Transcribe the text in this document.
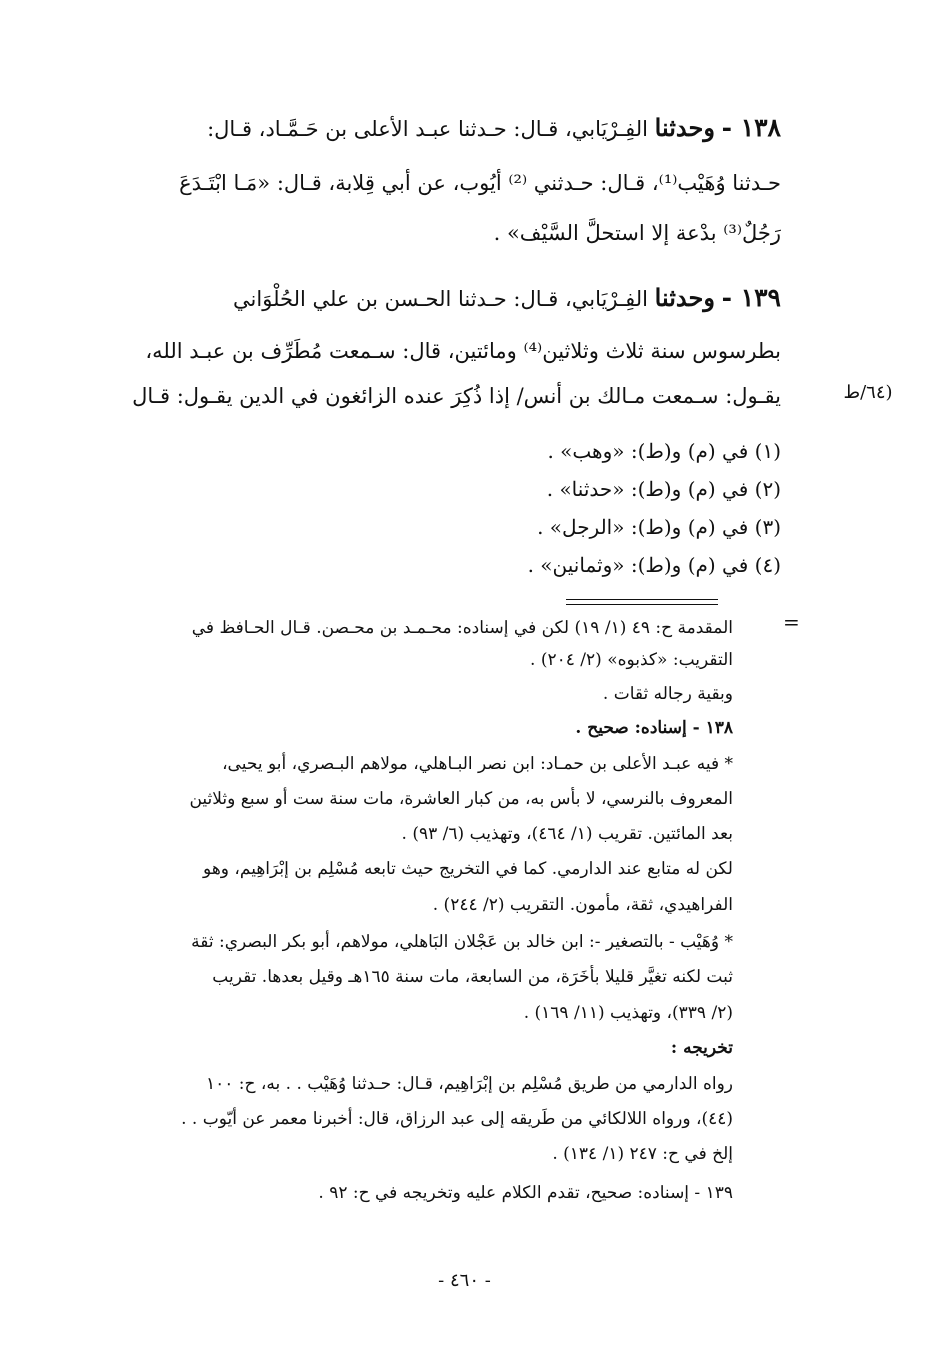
١٣٨ - وحدثنا الفِـرْيَابي، قـال: حـدثنا عبـد الأعلى بن حَـمَّـاد، قـال:
حـدثنا وُهَيْب⁽¹⁾، قـال: حـدثني ⁽²⁾ أيُوب، عن أبي قِلابة، قـال: «مَـا ابْتَـدَعَ
رَجُلٌ⁽³⁾ بدْعة إلا استحلَّ السَّيْف» .
١٣٩ - وحدثنا الفِـرْيَابي، قـال: حـدثنا الحـسن بن علي الحُلْوَاني
بطرسوس سنة ثلاث وثلاثين⁽⁴⁾ ومائتين، قال: سـمعت مُطَرِّف بن عبـد الله،
يقـول: سـمعت مـالك بن أنس/ إذا ذُكِرَ عنده الزائغون في الدين يقـول: قـال	(٦٤/ط
(١) في (م) و(ط): «وهب» .
(٢) في (م) و(ط): «حدثنا» .
(٣) في (م) و(ط): «الرجل» .
(٤) في (م) و(ط): «وثمانين» .
=
المقدمة ح: ٤٩ (١/ ١٩) لكن في إسناده: محـمـد بن محـصن. قـال الحـافظ في
التقريب: «كذبوه» (٢/ ٢٠٤) .
وبقية رجاله ثقات .
١٣٨ - إسناده: صحيح .
* فيه عبـد الأعلى بن حمـاد: ابن نصر البـاهلي، مولاهم البـصري، أبو يحيى،
المعروف بالنرسي، لا بأس به، من كبار العاشرة، مات سنة ست أو سبع وثلاثين
بعد المائتين. تقريب (١/ ٤٦٤)، وتهذيب (٦/ ٩٣) .
لكن له متابع عند الدارمي. كما في التخريج حيث تابعه مُسْلِم بن إبْرَاهِيم، وهو
الفراهيدي، ثقة، مأمون. التقريب (٢/ ٢٤٤) .
* وُهَيْب - بالتصغير -: ابن خالد بن عَجْلان البَاهلي، مولاهم، أبو بكر البصري: ثقة
ثبت لكنه تغيَّر قليلا بأخَرَة، من السابعة، مات سنة ١٦٥هـ وقيل بعدها. تقريب
(٢/ ٣٣٩)، وتهذيب (١١/ ١٦٩) .
تخريجه :
رواه الدارمي من طريق مُسْلِم بن إبْرَاهِيم، قـال: حـدثنا وُهَيْب . . به، ح: ١٠٠
(٤٤)، ورواه اللالكائي من طَريقه إلى عبد الرزاق، قال: أخبرنا معمر عن أيّوب . .
إلخ في ح: ٢٤٧ (١/ ١٣٤) .
١٣٩ - إسناده: صحيح، تقدم الكلام عليه وتخريجه في ح: ٩٢ .
- ٤٦٠ -
